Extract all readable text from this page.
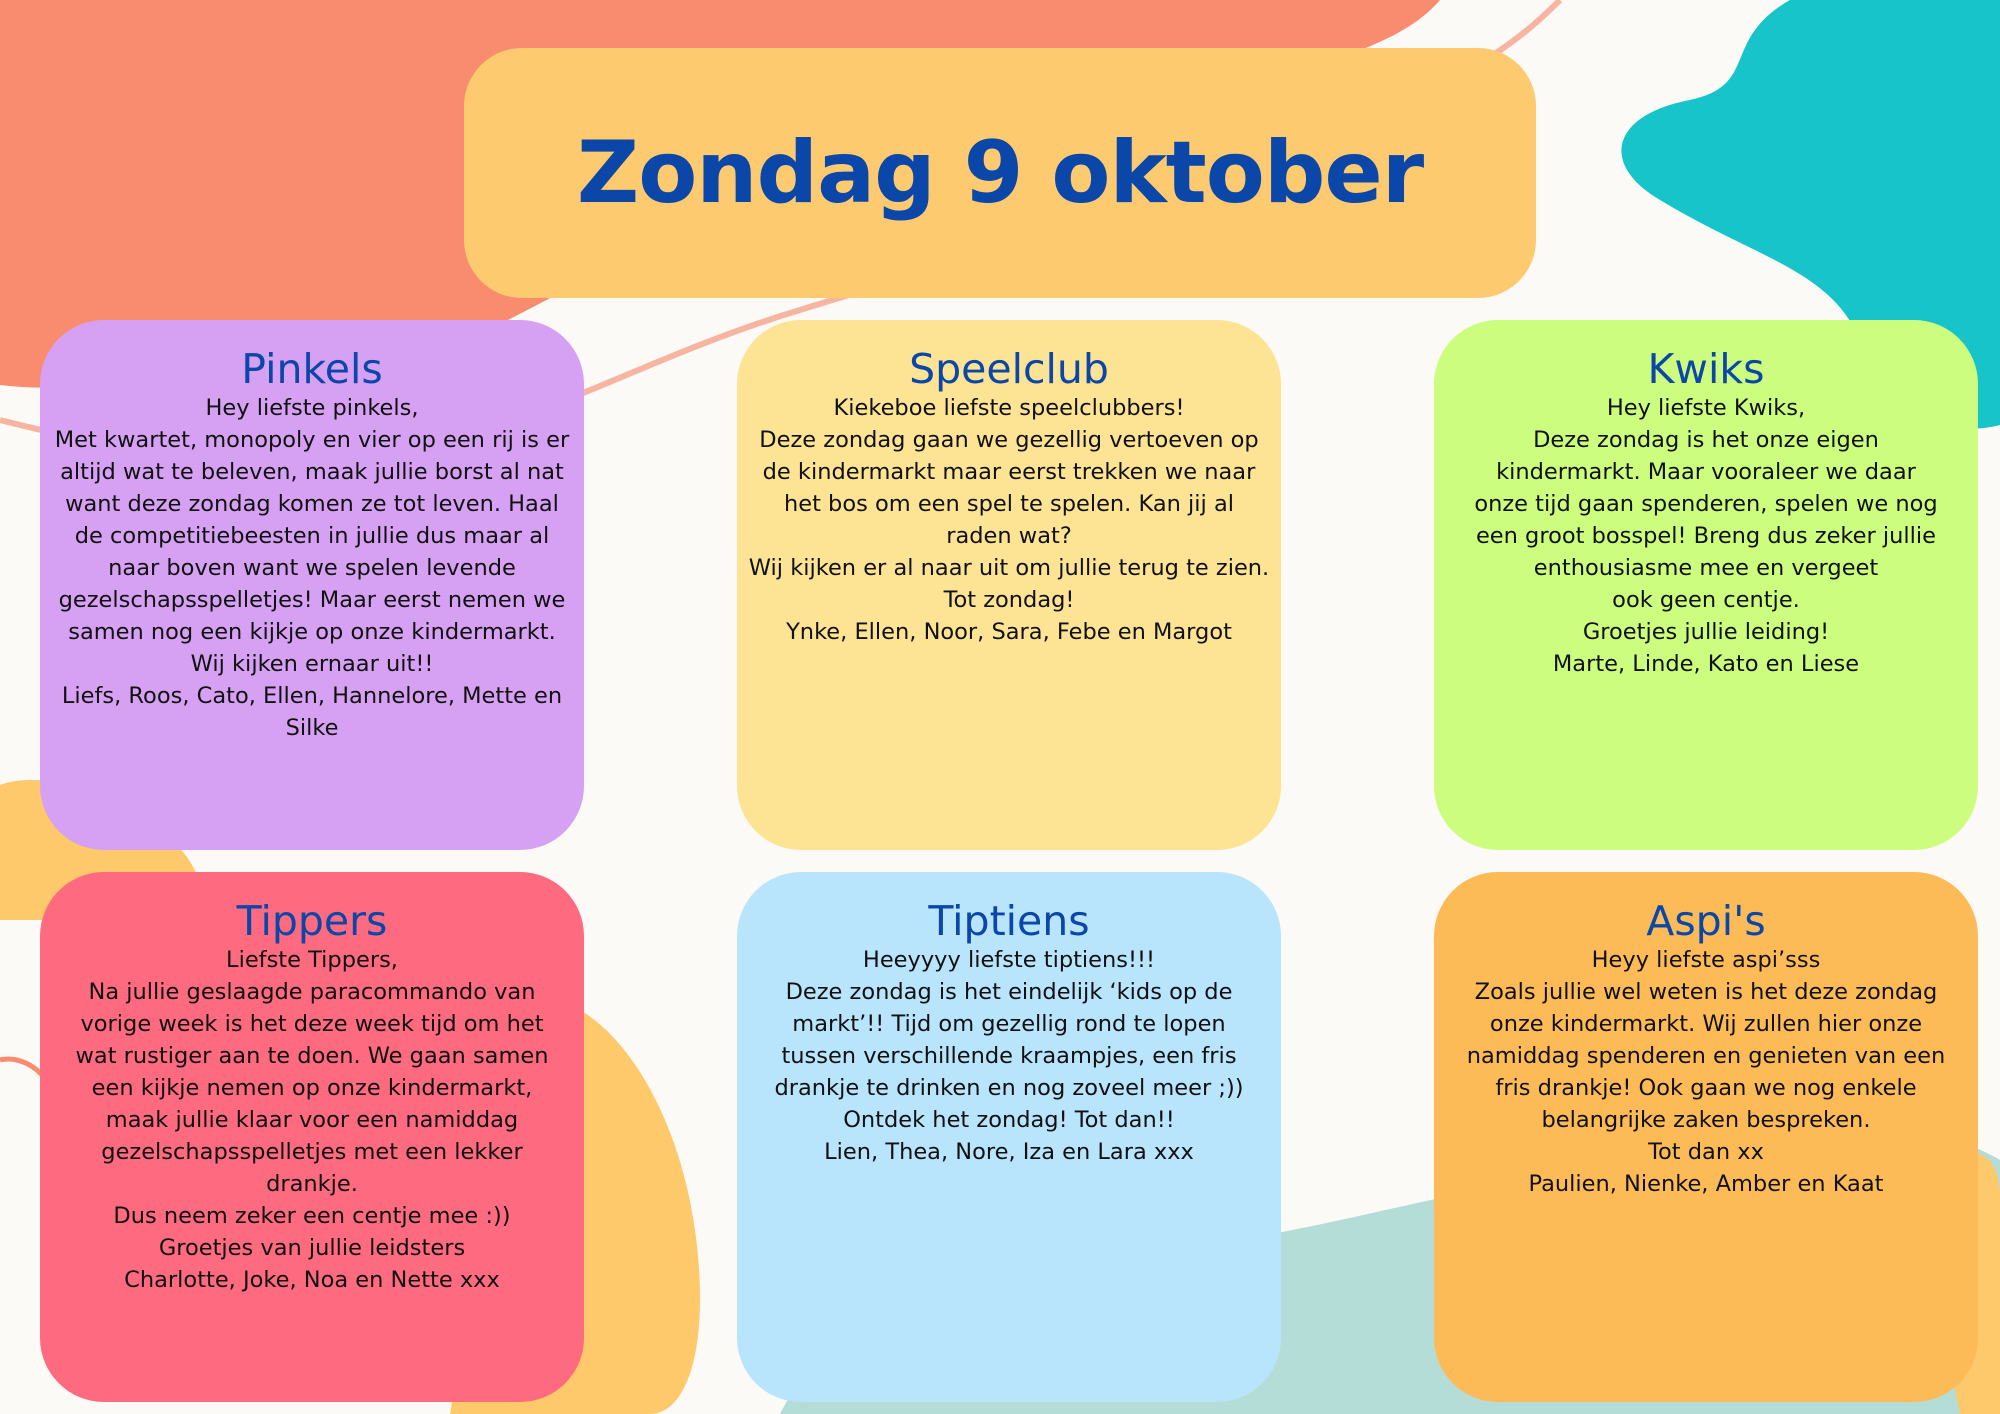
Zondag 9 oktober
Pinkels
Hey liefste pinkels,
Met kwartet, monopoly en vier op een rij is er
altijd wat te beleven, maak jullie borst al nat
want deze zondag komen ze tot leven. Haal
de competitiebeesten in jullie dus maar al
naar boven want we spelen levende
gezelschapsspelletjes! Maar eerst nemen we
samen nog een kijkje op onze kindermarkt.
Wij kijken ernaar uit!!
Liefs, Roos, Cato, Ellen, Hannelore, Mette en
Silke
Speelclub
Kiekeboe liefste speelclubbers!
Deze zondag gaan we gezellig vertoeven op
de kindermarkt maar eerst trekken we naar
het bos om een spel te spelen. Kan jij al
raden wat?
Wij kijken er al naar uit om jullie terug te zien.
Tot zondag!
Ynke, Ellen, Noor, Sara, Febe en Margot
Kwiks
Hey liefste Kwiks,
Deze zondag is het onze eigen
kindermarkt. Maar vooraleer we daar
onze tijd gaan spenderen, spelen we nog
een groot bosspel! Breng dus zeker jullie
enthousiasme mee en vergeet
ook geen centje.
Groetjes jullie leiding!
Marte, Linde, Kato en Liese
Tippers
Liefste Tippers,
Na jullie geslaagde paracommando van
vorige week is het deze week tijd om het
wat rustiger aan te doen. We gaan samen
een kijkje nemen op onze kindermarkt,
maak jullie klaar voor een namiddag
gezelschapsspelletjes met een lekker
drankje.
Dus neem zeker een centje mee :))
Groetjes van jullie leidsters
Charlotte, Joke, Noa en Nette xxx
Tiptiens
Heeyyyy liefste tiptiens!!!
Deze zondag is het eindelijk ‘kids op de
markt’!! Tijd om gezellig rond te lopen
tussen verschillende kraampjes, een fris
drankje te drinken en nog zoveel meer ;))
Ontdek het zondag! Tot dan!!
Lien, Thea, Nore, Iza en Lara xxx
Aspi's
Heyy liefste aspi’sss
Zoals jullie wel weten is het deze zondag
onze kindermarkt. Wij zullen hier onze
namiddag spenderen en genieten van een
fris drankje! Ook gaan we nog enkele
belangrijke zaken bespreken.
Tot dan xx
Paulien, Nienke, Amber en Kaat
